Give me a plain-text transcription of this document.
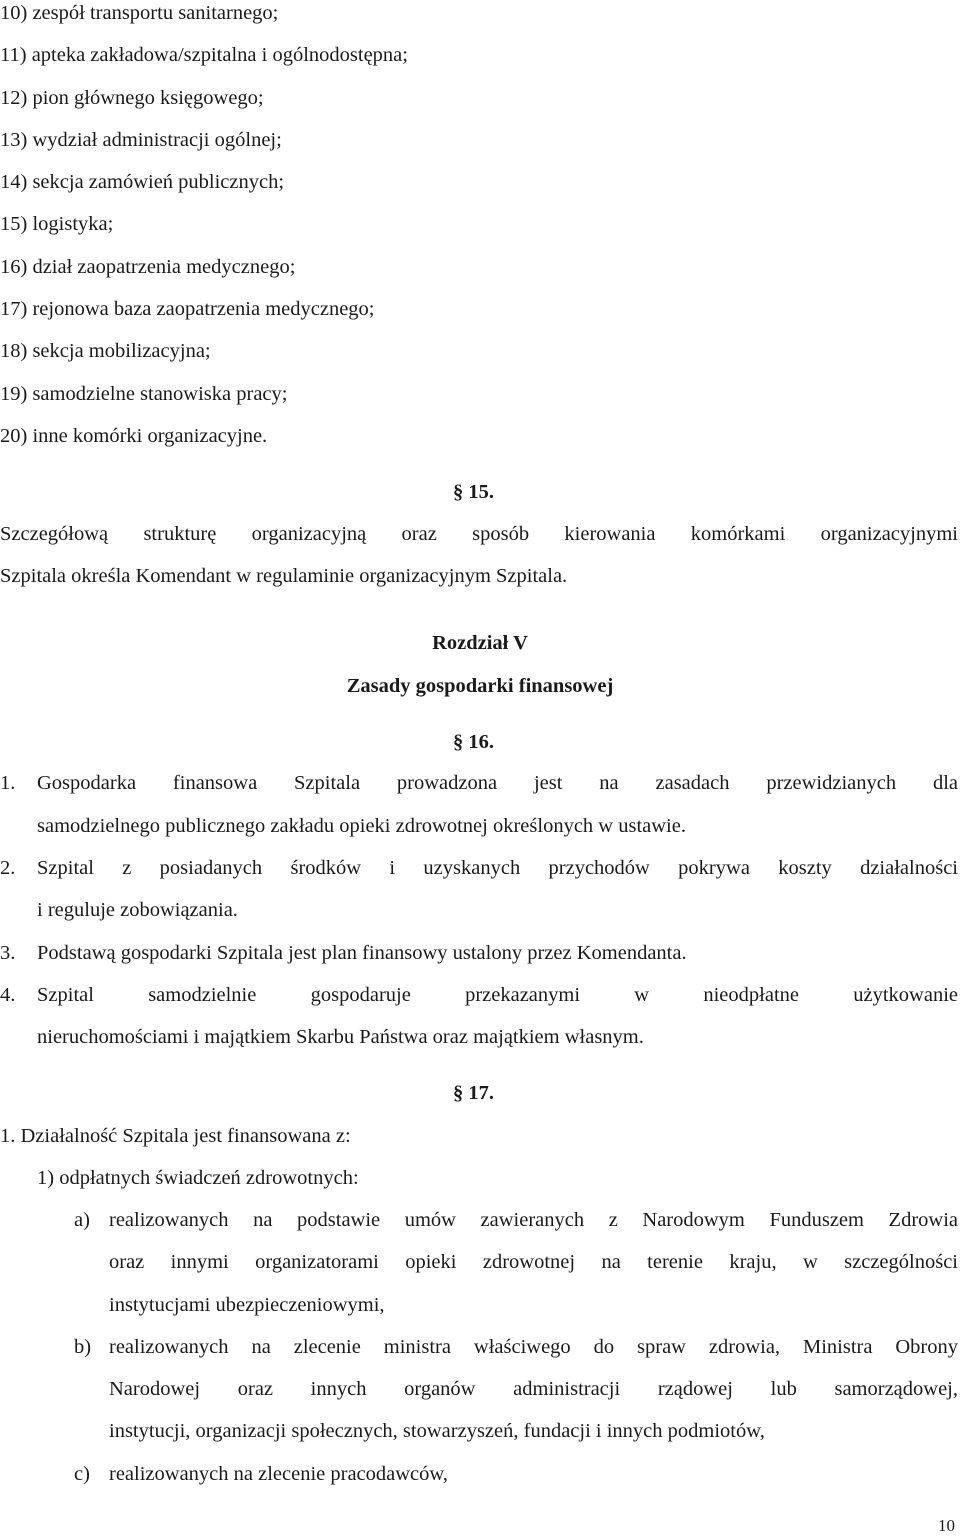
10) zespół transportu sanitarnego;
11) apteka zakładowa/szpitalna i ogólnodostępna;
12) pion głównego księgowego;
13) wydział administracji ogólnej;
14) sekcja zamówień publicznych;
15) logistyka;
16) dział zaopatrzenia medycznego;
17) rejonowa baza zaopatrzenia medycznego;
18) sekcja mobilizacyjna;
19) samodzielne stanowiska pracy;
20) inne komórki organizacyjne.
§ 15.
Szczegółową strukturę organizacyjną oraz sposób kierowania komórkami organizacyjnymi
Szpitala określa Komendant w regulaminie organizacyjnym Szpitala.
Rozdział V
Zasady gospodarki finansowej
§ 16.
1. Gospodarka finansowa Szpitala prowadzona jest na zasadach przewidzianych dla
samodzielnego publicznego zakładu opieki zdrowotnej określonych w ustawie.
2. Szpital z posiadanych środków i uzyskanych przychodów pokrywa koszty działalności
i reguluje zobowiązania.
3. Podstawą gospodarki Szpitala jest plan finansowy ustalony przez Komendanta.
4. Szpital samodzielnie gospodaruje przekazanymi w nieodpłatne użytkowanie
nieruchomościami i majątkiem Skarbu Państwa oraz majątkiem własnym.
§ 17.
1. Działalność Szpitala jest finansowana z:
1) odpłatnych świadczeń zdrowotnych:
a) realizowanych na podstawie umów zawieranych z Narodowym Funduszem Zdrowia
oraz innymi organizatorami opieki zdrowotnej na terenie kraju, w szczególności
instytucjami ubezpieczeniowymi,
b) realizowanych na zlecenie ministra właściwego do spraw zdrowia, Ministra Obrony
Narodowej oraz innych organów administracji rządowej lub samorządowej,
instytucji, organizacji społecznych, stowarzyszeń, fundacji i innych podmiotów,
c) realizowanych na zlecenie pracodawców,
10
